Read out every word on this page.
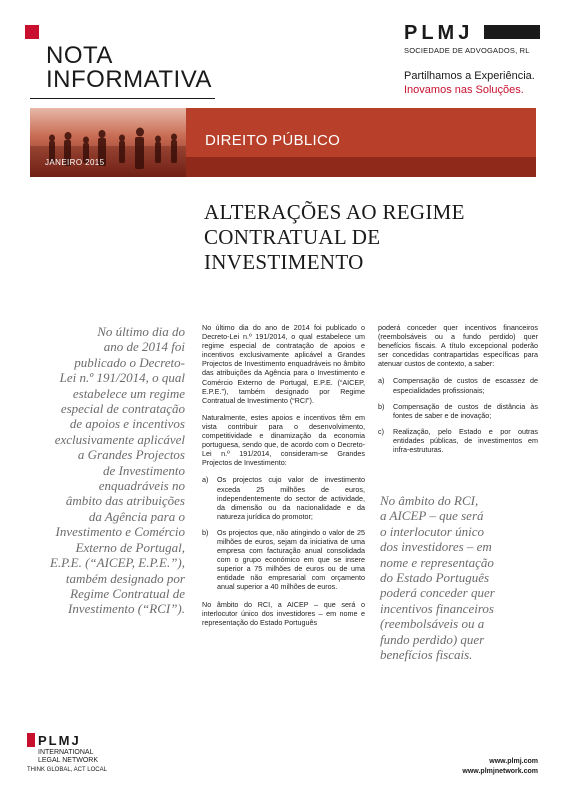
NOTA
INFORMATIVA
PLMJ
SOCIEDADE DE ADVOGADOS, RL
Partilhamos a Experiência.
Inovamos nas Soluções.
DIREITO PÚBLICO
JANEIRO 2015
ALTERAÇÕES AO REGIME
CONTRATUAL DE
INVESTIMENTO
No último dia do
ano de 2014 foi
publicado o Decreto-
Lei n.º 191/2014, o qual
estabelece um regime
especial de contratação
de apoios e incentivos
exclusivamente aplicável
a Grandes Projectos
de Investimento
enquadráveis no
âmbito das atribuições
da Agência para o
Investimento e Comércio
Externo de Portugal,
E.P.E. (“AICEP, E.P.E.”),
também designado por
Regime Contratual de
Investimento (“RCI”).

No último dia do ano de 2014 foi publicado o Decreto-Lei n.º 191/2014, o qual estabelece um regime especial de contratação de apoios e incentivos exclusivamente aplicável a Grandes Projectos de Investimento enquadráveis no âmbito das atribuições da Agência para o Investimento e Comércio Externo de Portugal, E.P.E. (“AICEP, E.P.E.”), também designado por Regime Contratual de Investimento (“RCI”).

Naturalmente, estes apoios e incentivos têm em vista contribuir para o desenvolvimento, competitividade e dinamização da economia portuguesa, sendo que, de acordo com o Decreto-Lei n.º 191/2014, consideram-se Grandes Projectos de Investimento:

a) Os projectos cujo valor de investimento exceda 25 milhões de euros, independentemente do sector de actividade, da dimensão ou da nacionalidade e da natureza jurídica do promotor;
b) Os projectos que, não atingindo o valor de 25 milhões de euros, sejam da iniciativa de uma empresa com facturação anual consolidada com o grupo económico em que se insere superior a 75 milhões de euros ou de uma entidade não empresarial com orçamento anual superior a 40 milhões de euros.

No âmbito do RCI, a AICEP – que será o interlocutor único dos investidores – em nome e representação do Estado Português

poderá conceder quer incentivos financeiros (reembolsáveis ou a fundo perdido) quer benefícios fiscais. A título excepcional poderão ser concedidas contrapartidas específicas para atenuar custos de contexto, a saber:

a) Compensação de custos de escassez de especialidades profissionais;
b) Compensação de custos de distância às fontes de saber e de inovação;
c) Realização, pelo Estado e por outras entidades públicas, de investimentos em infra-estruturas.
No âmbito do RCI,
a AICEP – que será
o interlocutor único
dos investidores – em
nome e representação
do Estado Português
poderá conceder quer
incentivos financeiros
(reembolsáveis ou a
fundo perdido) quer
benefícios fiscais.
PLMJ
INTERNATIONAL
LEGAL NETWORK
THINK GLOBAL, ACT LOCAL
www.plmj.com
www.plmjnetwork.com
